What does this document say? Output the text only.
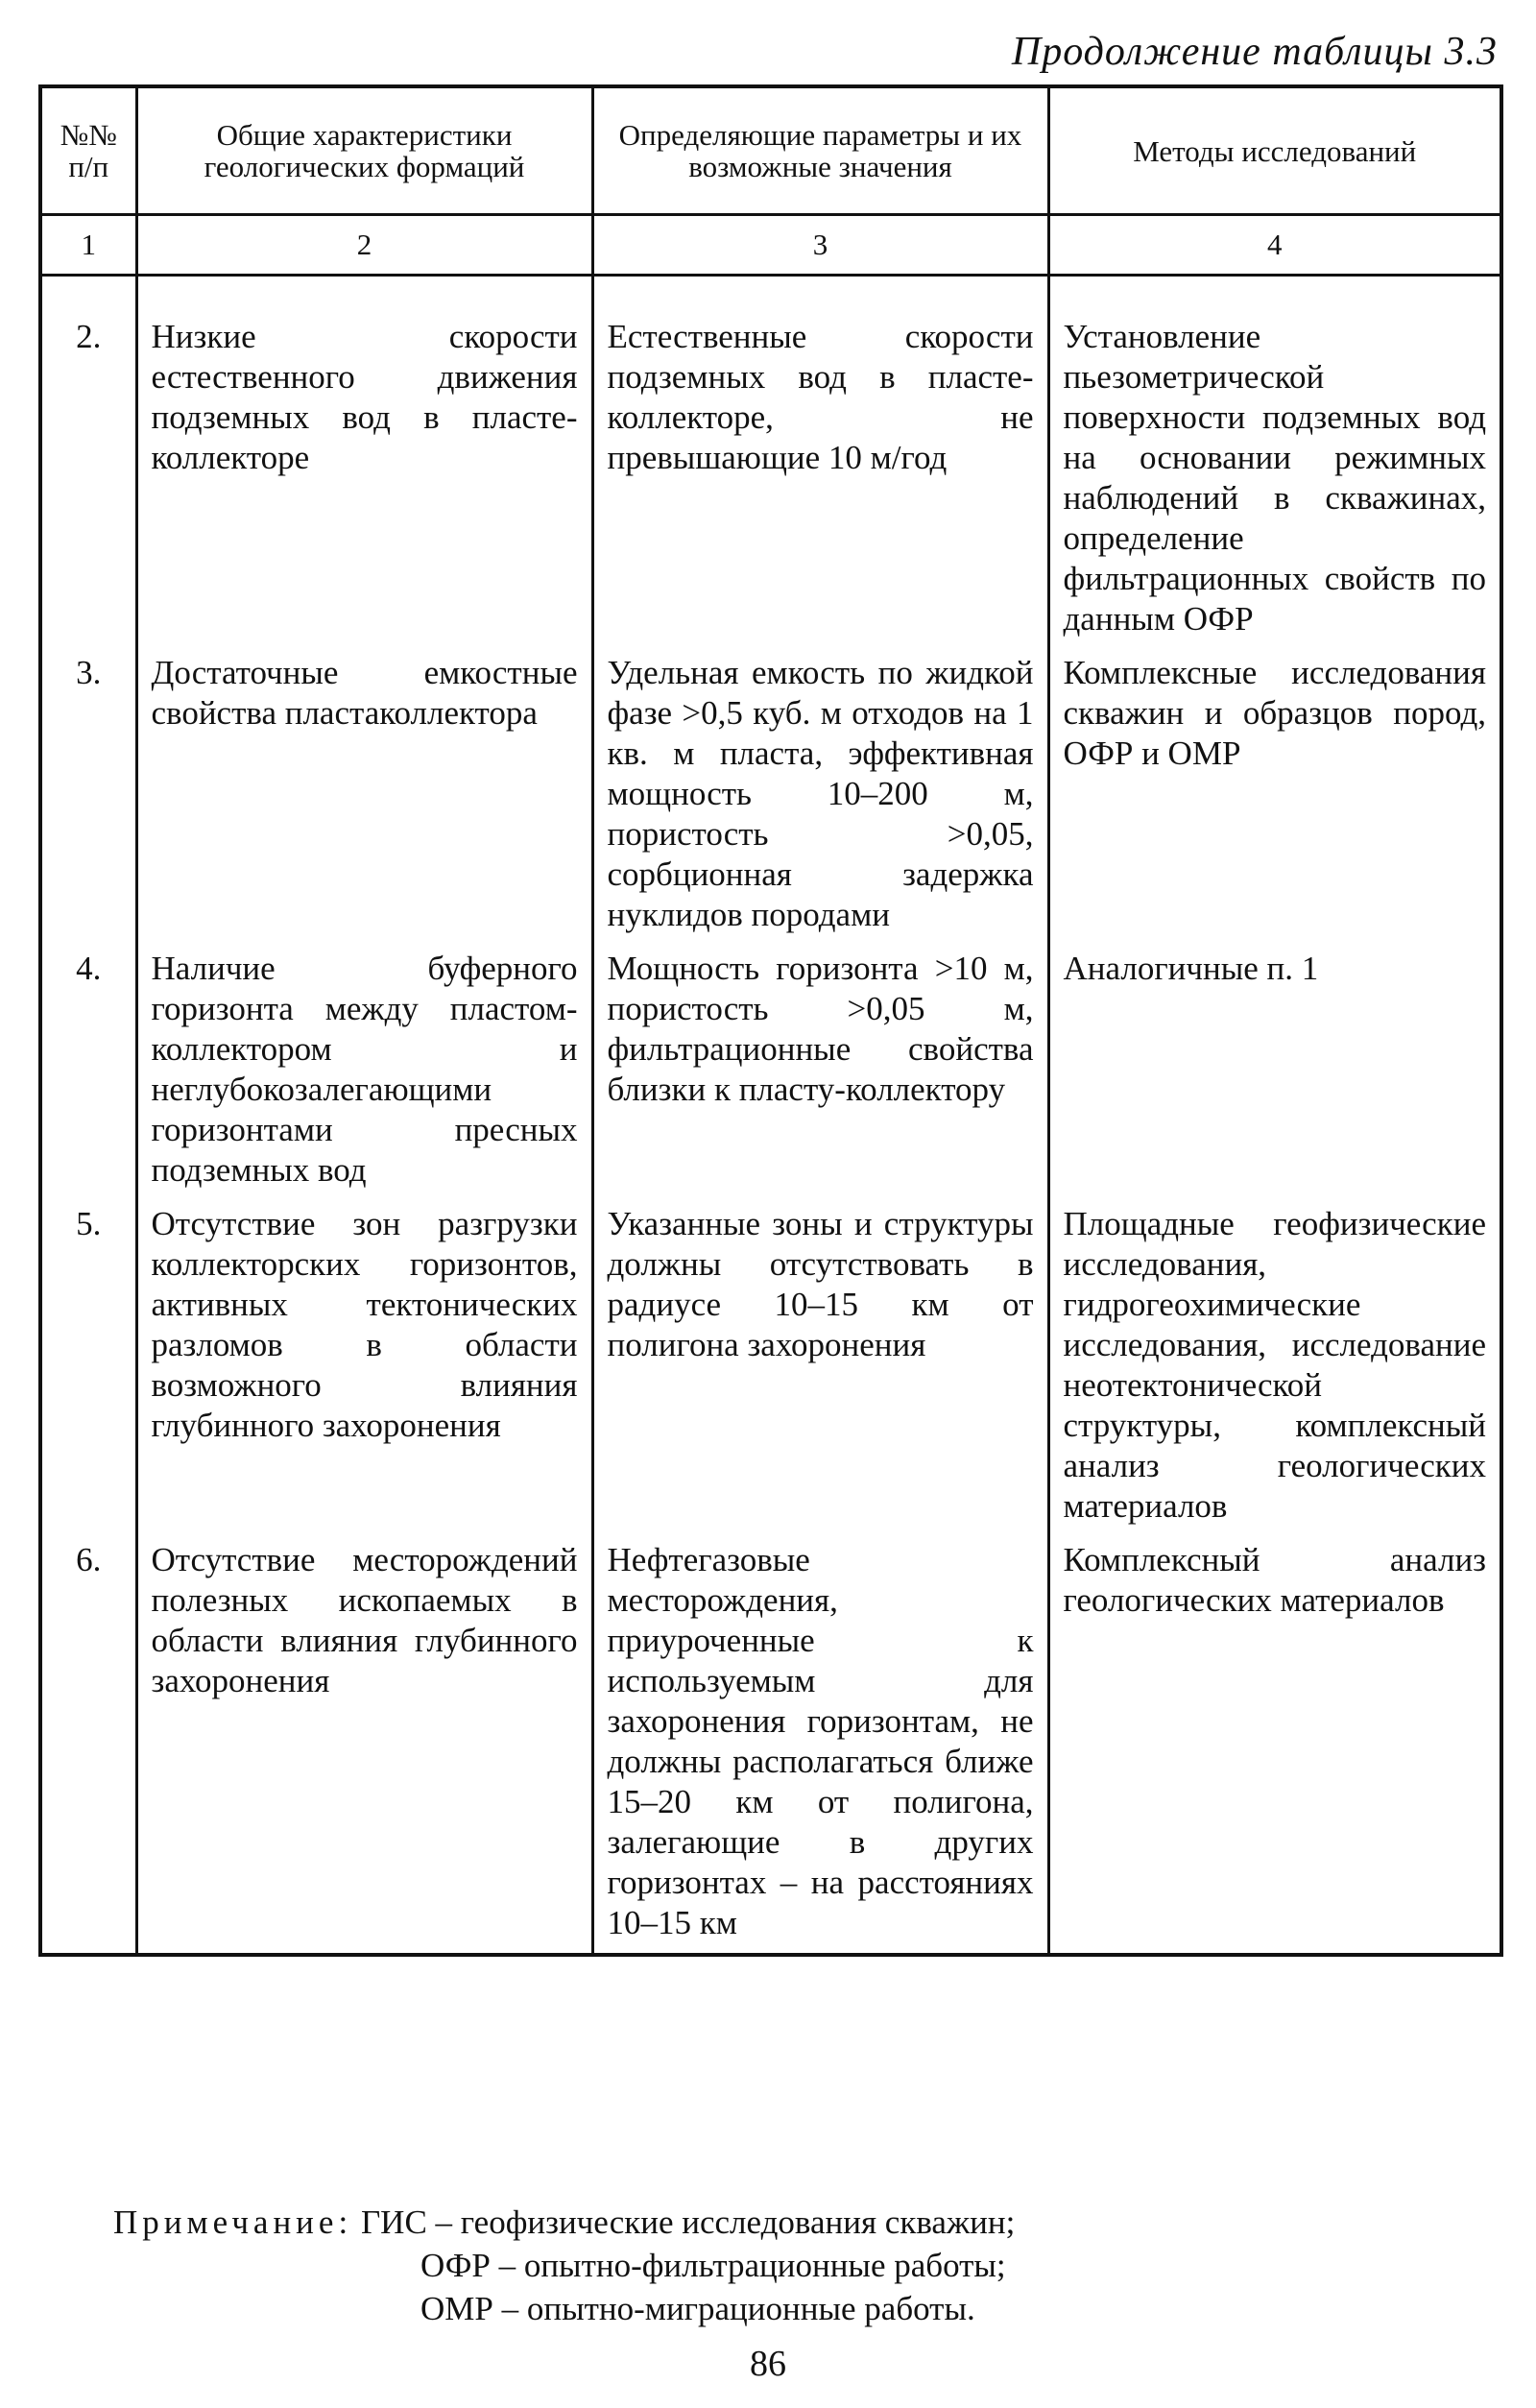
Продолжение таблицы 3.3
№№ п/п	Общие характеристики геологических формаций	Определяющие параметры и их возможные значения	Методы исследований
1	2	3	4
2.	Низкие скорости естественного движения подземных вод в пласте-коллекторе	Естественные скорости подземных вод в пласте-коллекторе, не превышающие 10 м/год	Установление пьезометрической поверхности подземных вод на основании режимных наблюдений в скважинах, определение фильтрационных свойств по данным ОФР
3.	Достаточные емкостные свойства пластаколлектора	Удельная емкость по жидкой фазе >0,5 куб. м отходов на 1 кв. м пласта, эффективная мощность 10–200 м, пористость >0,05, сорбционная задержка нуклидов породами	Комплексные исследования скважин и образцов пород, ОФР и ОМР
4.	Наличие буферного горизонта между пластом-коллектором и неглубокозалегающими горизонтами пресных подземных вод	Мощность горизонта >10 м, пористость >0,05 м, фильтрационные свойства близки к пласту-коллектору	Аналогичные п. 1
5.	Отсутствие зон разгрузки коллекторских горизонтов, активных тектонических разломов в области возможного влияния глубинного захоронения	Указанные зоны и структуры должны отсутствовать в радиусе 10–15 км от полигона захоронения	Площадные геофизические исследования, гидрогеохимические исследования, исследование неотектонической структуры, комплексный анализ геологических материалов
6.	Отсутствие месторождений полезных ископаемых в области влияния глубинного захоронения	Нефтегазовые месторождения, приуроченные к используемым для захоронения горизонтам, не должны располагаться ближе 15–20 км от полигона, залегающие в других горизонтах – на расстояниях 10–15 км	Комплексный анализ геологических материалов
Примечание: ГИС – геофизические исследования скважин;
ОФР – опытно-фильтрационные работы;
ОМР – опытно-миграционные работы.
86
